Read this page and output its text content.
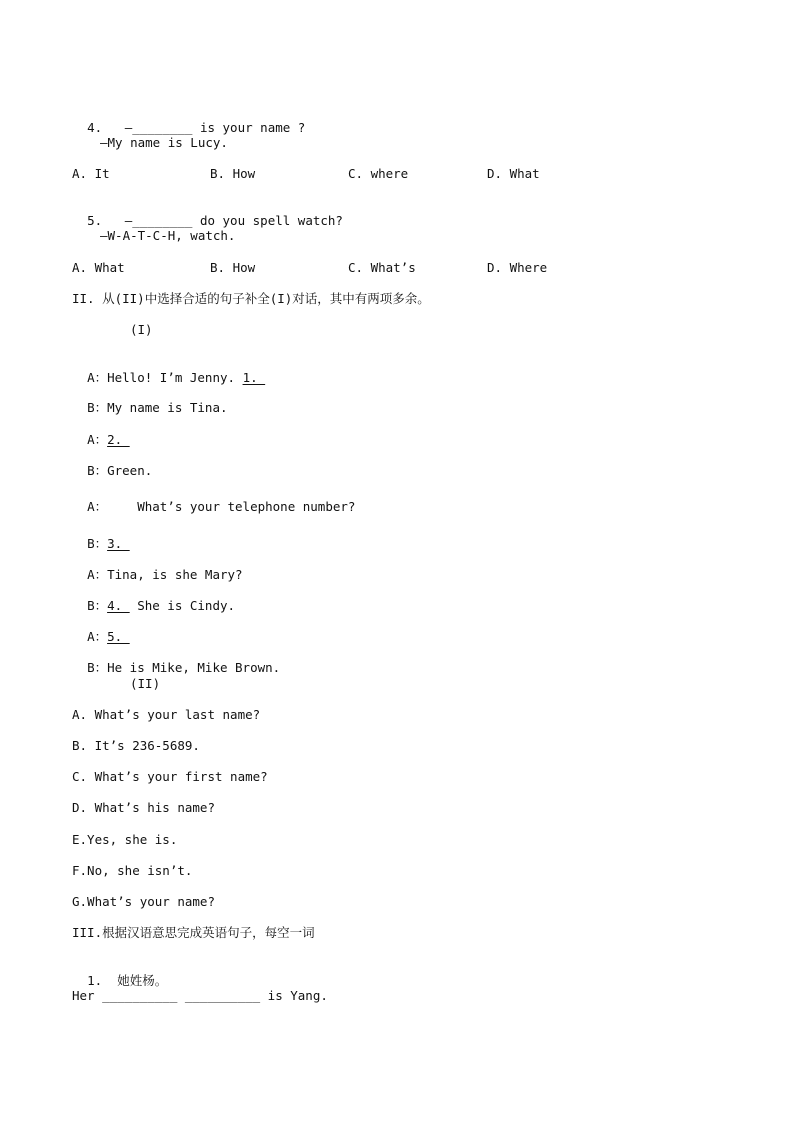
4. —________ is your name ?

—My name is Lucy.
A. It	B. How	C. where	D. What

5. —________ do you spell watch?

—W-A-T-C-H, watch.
A. What	B. How	C. What’s	D. Where
II. 从(II)中选择合适的句子补全(I)对话，其中有两项多余。
(I)

A：Hello! I’m Jenny. 1.

B：My name is Tina.

A：2.

B：Green.

A：    What’s your telephone number?

B：3.

A：Tina, is she Mary?

B：4.  She is Cindy.

A：5.

B：He is Mike, Mike Brown.

(II)
A. What’s your last name?
B. It’s 236-5689.
C. What’s your first name?
D. What’s his name?
E.Yes, she is.
F.No, she isn’t.
G.What’s your name?
III.根据汉语意思完成英语句子，每空一词

1. 她姓杨。

Her __________ __________ is Yang.
